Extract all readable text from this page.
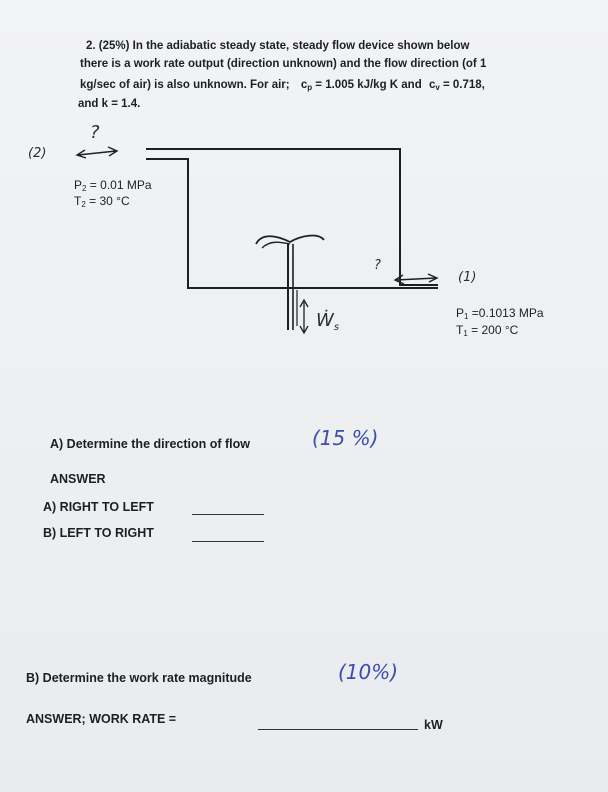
2. (25%) In the adiabatic steady state, steady flow device shown below
there is a work rate output (direction unknown) and the flow direction (of 1
kg/sec of air) is also unknown. For air; $c_p = 1.005$ kJ/kg K and $c_v = 0.718$,
and k = 1.4.
?
(2)
?
(1)
Ẇ$_s$
$P_2 = 0.01$ MPa
$T_2 = 30$ °C
$P_1 =0.1013$ MPa
$T_1 = 200$ °C
A) Determine the direction of flow	(15 %)
ANSWER
A) RIGHT TO LEFT
B) LEFT TO RIGHT
B) Determine the work rate magnitude	(10%)
ANSWER; WORK RATE =	kW
